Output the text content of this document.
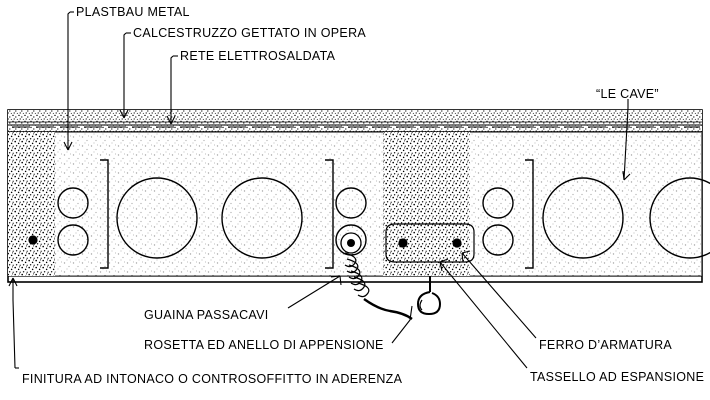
PLASTBAU METAL
CALCESTRUZZO GETTATO IN OPERA
RETE ELETTROSALDATA
“LE CAVE”
GUAINA PASSACAVI
ROSETTA ED ANELLO DI APPENSIONE
FINITURA AD INTONACO O CONTROSOFFITTO IN ADERENZA
FERRO D’ARMATURA
TASSELLO AD ESPANSIONE
